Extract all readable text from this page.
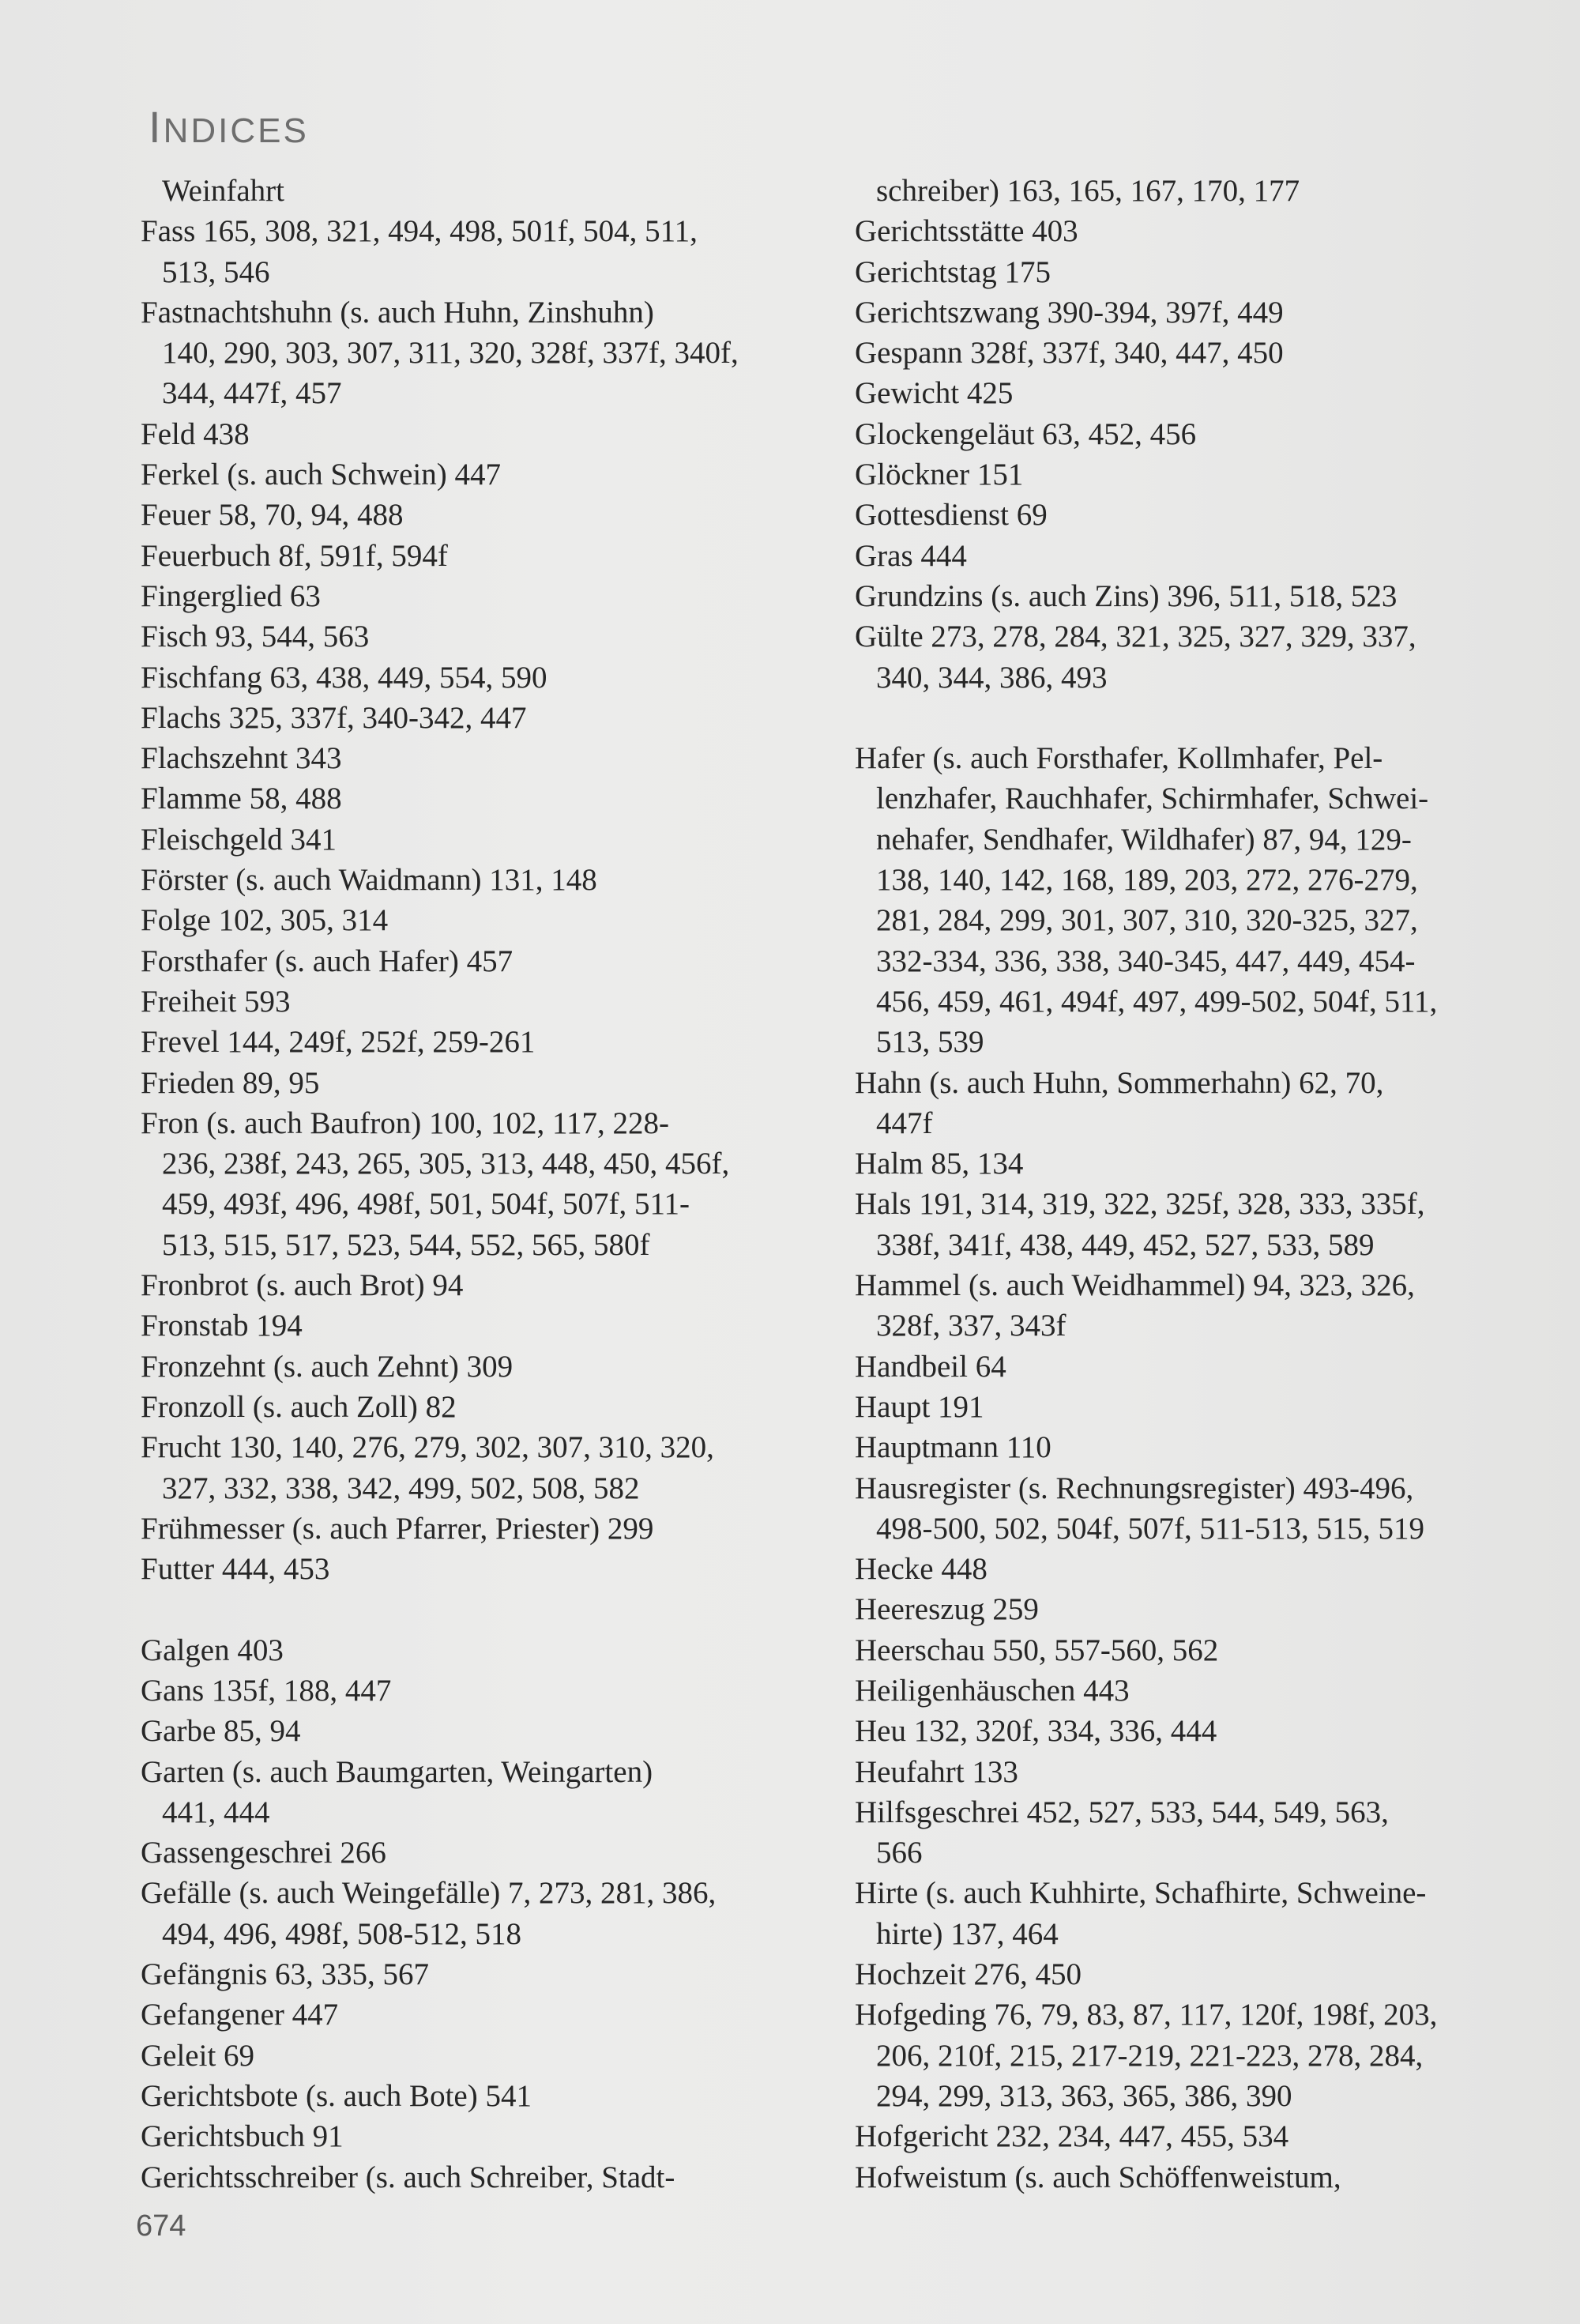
INDICES
Weinfahrt
Fass 165, 308, 321, 494, 498, 501f, 504, 511,
513, 546
Fastnachtshuhn (s. auch Huhn, Zinshuhn)
140, 290, 303, 307, 311, 320, 328f, 337f, 340f,
344, 447f, 457
Feld 438
Ferkel (s. auch Schwein) 447
Feuer 58, 70, 94, 488
Feuerbuch 8f, 591f, 594f
Fingerglied 63
Fisch 93, 544, 563
Fischfang 63, 438, 449, 554, 590
Flachs 325, 337f, 340-342, 447
Flachszehnt 343
Flamme 58, 488
Fleischgeld 341
Förster (s. auch Waidmann) 131, 148
Folge 102, 305, 314
Forsthafer (s. auch Hafer) 457
Freiheit 593
Frevel 144, 249f, 252f, 259-261
Frieden 89, 95
Fron (s. auch Baufron) 100, 102, 117, 228-
236, 238f, 243, 265, 305, 313, 448, 450, 456f,
459, 493f, 496, 498f, 501, 504f, 507f, 511-
513, 515, 517, 523, 544, 552, 565, 580f
Fronbrot (s. auch Brot) 94
Fronstab 194
Fronzehnt (s. auch Zehnt) 309
Fronzoll (s. auch Zoll) 82
Frucht 130, 140, 276, 279, 302, 307, 310, 320,
327, 332, 338, 342, 499, 502, 508, 582
Frühmesser (s. auch Pfarrer, Priester) 299
Futter 444, 453
Galgen 403
Gans 135f, 188, 447
Garbe 85, 94
Garten (s. auch Baumgarten, Weingarten)
441, 444
Gassengeschrei 266
Gefälle (s. auch Weingefälle) 7, 273, 281, 386,
494, 496, 498f, 508-512, 518
Gefängnis 63, 335, 567
Gefangener 447
Geleit 69
Gerichtsbote (s. auch Bote) 541
Gerichtsbuch 91
Gerichtsschreiber (s. auch Schreiber, Stadt-
schreiber) 163, 165, 167, 170, 177
Gerichtsstätte 403
Gerichtstag 175
Gerichtszwang 390-394, 397f, 449
Gespann 328f, 337f, 340, 447, 450
Gewicht 425
Glockengeläut 63, 452, 456
Glöckner 151
Gottesdienst 69
Gras 444
Grundzins (s. auch Zins) 396, 511, 518, 523
Gülte 273, 278, 284, 321, 325, 327, 329, 337,
340, 344, 386, 493
Hafer (s. auch Forsthafer, Kollmhafer, Pel-
lenzhafer, Rauchhafer, Schirmhafer, Schwei-
nehafer, Sendhafer, Wildhafer) 87, 94, 129-
138, 140, 142, 168, 189, 203, 272, 276-279,
281, 284, 299, 301, 307, 310, 320-325, 327,
332-334, 336, 338, 340-345, 447, 449, 454-
456, 459, 461, 494f, 497, 499-502, 504f, 511,
513, 539
Hahn (s. auch Huhn, Sommerhahn) 62, 70,
447f
Halm 85, 134
Hals 191, 314, 319, 322, 325f, 328, 333, 335f,
338f, 341f, 438, 449, 452, 527, 533, 589
Hammel (s. auch Weidhammel) 94, 323, 326,
328f, 337, 343f
Handbeil 64
Haupt 191
Hauptmann 110
Hausregister (s. Rechnungsregister) 493-496,
498-500, 502, 504f, 507f, 511-513, 515, 519
Hecke 448
Heereszug 259
Heerschau 550, 557-560, 562
Heiligenhäuschen 443
Heu 132, 320f, 334, 336, 444
Heufahrt 133
Hilfsgeschrei 452, 527, 533, 544, 549, 563,
566
Hirte (s. auch Kuhhirte, Schafhirte, Schweine-
hirte) 137, 464
Hochzeit 276, 450
Hofgeding 76, 79, 83, 87, 117, 120f, 198f, 203,
206, 210f, 215, 217-219, 221-223, 278, 284,
294, 299, 313, 363, 365, 386, 390
Hofgericht 232, 234, 447, 455, 534
Hofweistum (s. auch Schöffenweistum,
674
